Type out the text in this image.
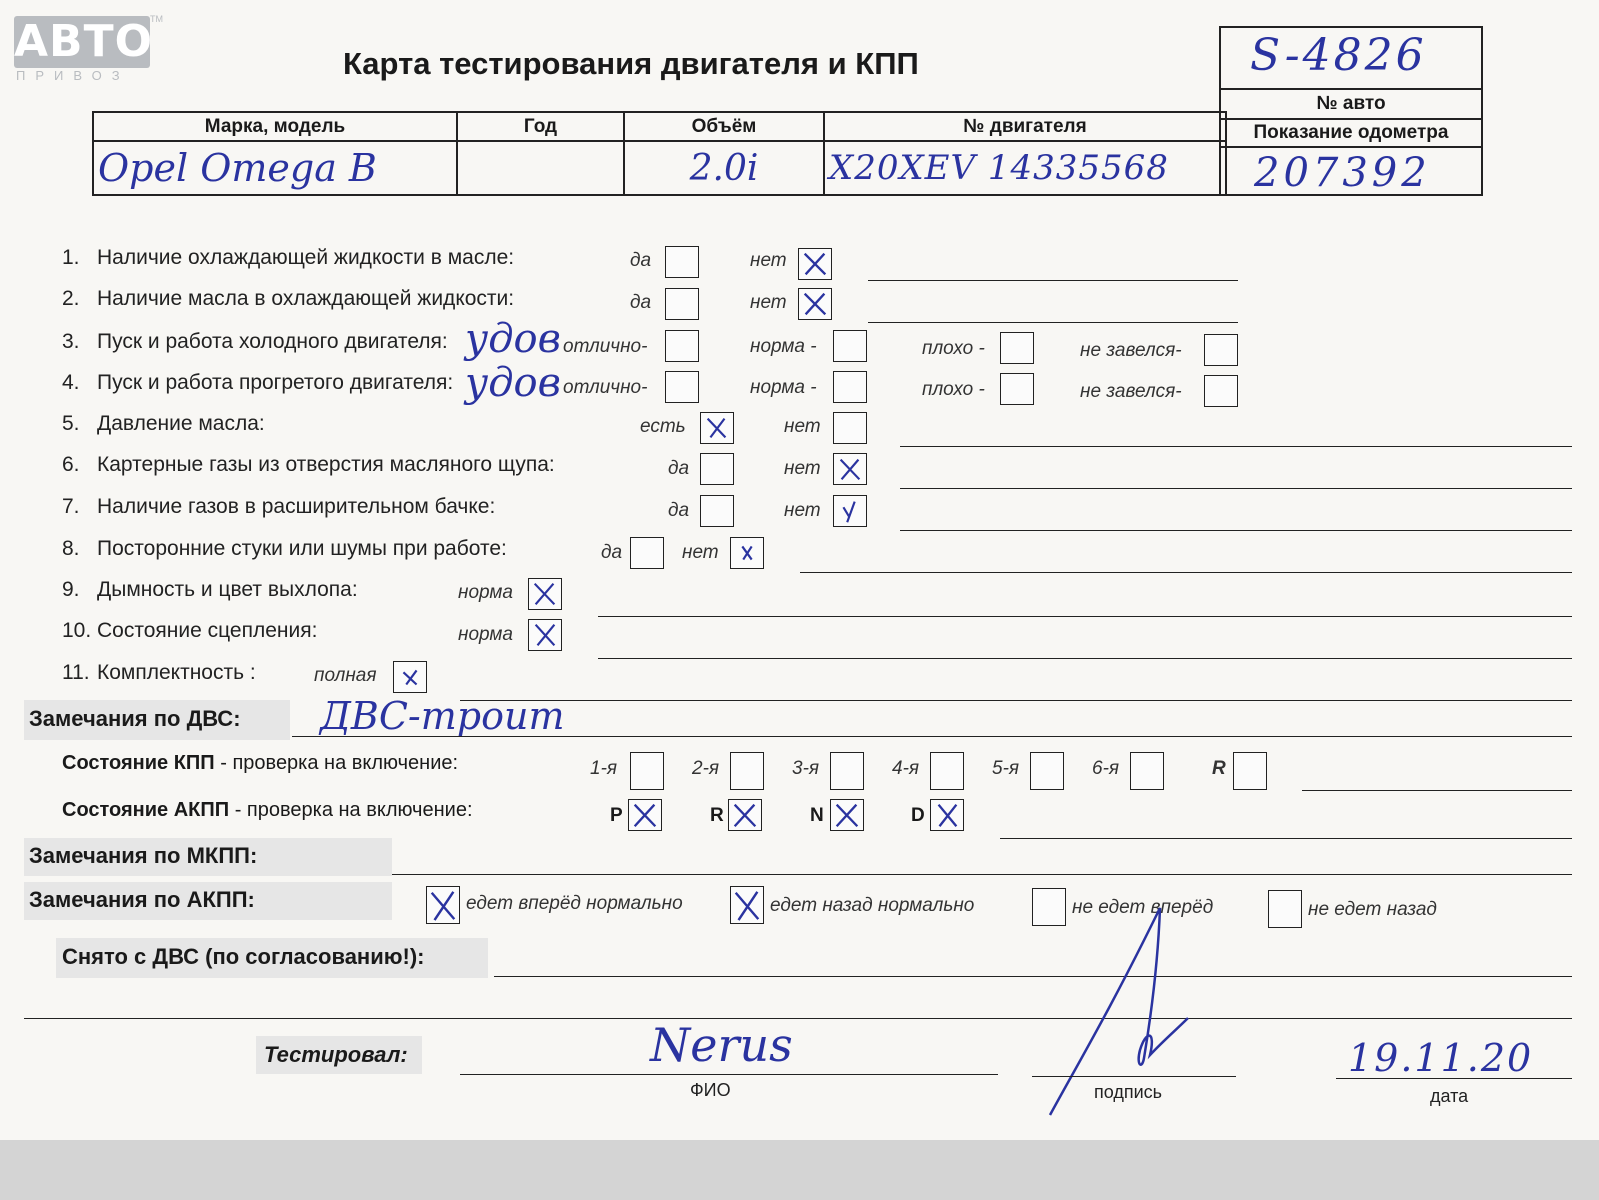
АВТО
ПРИВОЗ
TM
Карта тестирования двигателя и КПП	S-4826
№ авто
Показание одометра
207392
Марка, модель	Год	Объём	№ двигателя
Opel Omega B		2.0i	X20XEV 14335568
1. Наличие охлаждающей жидкости в масле:	да	нет
2. Наличие масла в охлаждающей жидкости:	да	нет
3. Пуск и работа холодного двигателя: удов отлично-	норма -	плохо -	не завелся-
4. Пуск и работа прогретого двигателя: удов отлично-	норма -	плохо -	не завелся-
5. Давление масла:	есть	нет
6. Картерные газы из отверстия масляного щупа:	да	нет
7. Наличие газов в расширительном бачке:	да	нет
8. Посторонние стуки или шумы при работе:	да	нет
9. Дымность и цвет выхлопа:	норма
10. Состояние сцепления:	норма
11. Комплектность :	полная
Замечания по ДВС: ДВС-троит
Состояние КПП - проверка на включение:	1-я	2-я	3-я	4-я	5-я	6-я	R
Состояние АКПП - проверка на включение:	P	R	N	D
Замечания по МКПП:
Замечания по АКПП:	едет вперёд нормально	едет назад нормально	не едет вперёд	не едет назад
Снято с ДВС (по согласованию!):
Тестировал:	Nerus
ФИО	подпись
19.11.20
дата
